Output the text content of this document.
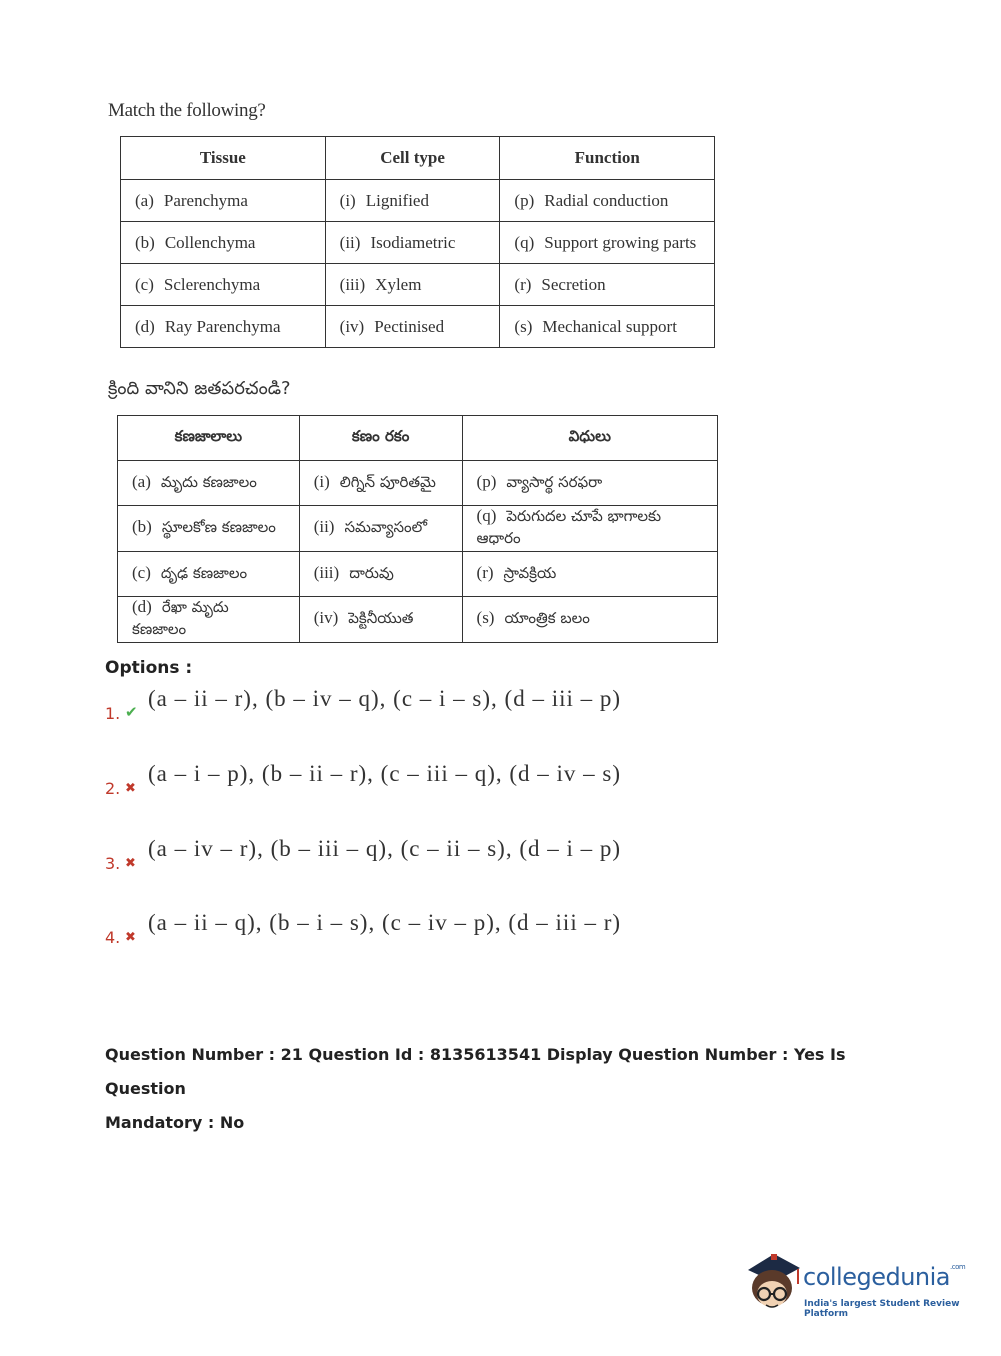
Match the following?
Tissue	Cell type	Function
(a) Parenchyma	(i) Lignified	(p) Radial conduction
(b) Collenchyma	(ii) Isodiametric	(q) Support growing parts
(c) Sclerenchyma	(iii) Xylem	(r) Secretion
(d) Ray Parenchyma	(iv) Pectinised	(s) Mechanical support
క్రింది వానిని జతపరచండి?
కణజాలాలు	కణం రకం	విధులు
(a) మృదు కణజాలం	(i) లిగ్నిన్ పూరితమై	(p) వ్యాసార్థ సరఫరా
(b) స్థూలకోణ కణజాలం	(ii) సమవ్యాసంలో	(q) పెరుగుదల చూపే భాగాలకు ఆధారం
(c) దృఢ కణజాలం	(iii) దారువు	(r) స్రావక్రియ
(d) రేఖా మృదు కణజాలం	(iv) పెక్టినీయుత	(s) యాంత్రిక బలం
Options :
1. ✔
(a – ii – r), (b – iv – q), (c – i – s), (d – iii – p)
2. ✖
(a – i – p), (b – ii – r), (c – iii – q), (d – iv – s)
3. ✖
(a – iv – r), (b – iii – q), (c – ii – s), (d – i – p)
4. ✖
(a – ii – q), (b – i – s), (c – iv – p), (d – iii – r)
Question Number : 21 Question Id : 8135613541 Display Question Number : Yes Is Question
Mandatory : No
collegedunia$^{.com}$
India's largest Student Review Platform
